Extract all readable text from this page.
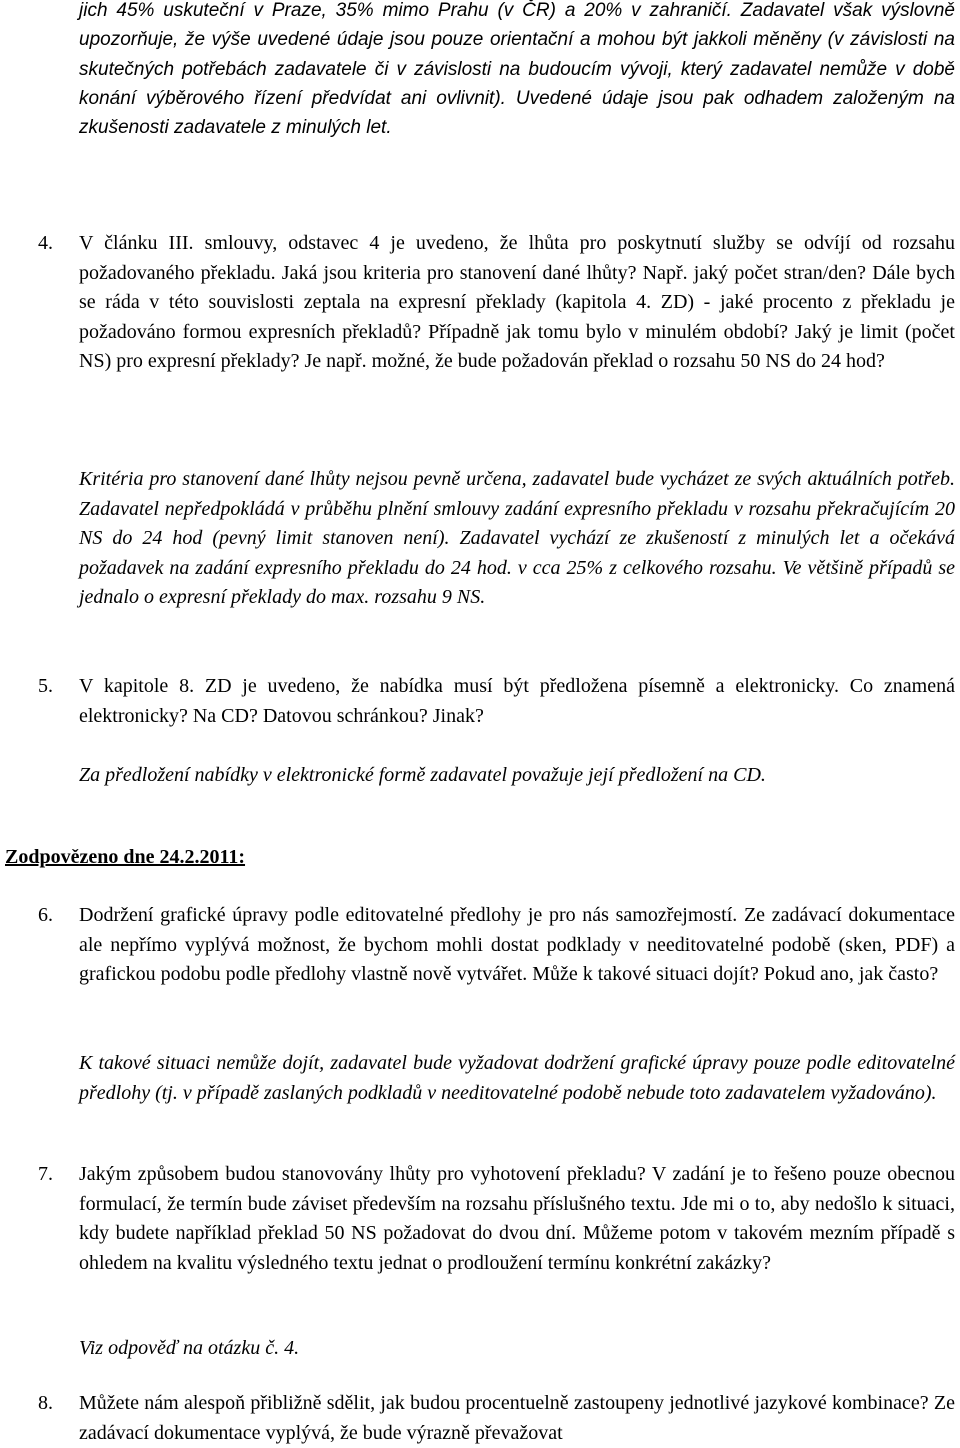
jich 45% uskuteční v Praze, 35% mimo Prahu (v ČR) a 20% v zahraničí. Zadavatel však výslovně upozorňuje, že výše uvedené údaje jsou pouze orientační a mohou být jakkoli měněny (v závislosti na skutečných potřebách zadavatele či v závislosti na budoucím vývoji, který zadavatel nemůže v době konání výběrového řízení předvídat ani ovlivnit). Uvedené údaje jsou pak odhadem založeným na zkušenosti zadavatele z minulých let.

4. V článku III. smlouvy, odstavec 4 je uvedeno, že lhůta pro poskytnutí služby se odvíjí od rozsahu požadovaného překladu. Jaká jsou kriteria pro stanovení dané lhůty? Např. jaký počet stran/den? Dále bych se ráda v této souvislosti zeptala na expresní překlady (kapitola 4. ZD) - jaké procento z překladu je požadováno formou expresních překladů? Případně jak tomu bylo v minulém období? Jaký je limit (počet NS) pro expresní překlady? Je např. možné, že bude požadován překlad o rozsahu 50 NS do 24 hod?

Kritéria pro stanovení dané lhůty nejsou pevně určena, zadavatel bude vycházet ze svých aktuálních potřeb. Zadavatel nepředpokládá v průběhu plnění smlouvy zadání expresního překladu v rozsahu překračujícím 20 NS do 24 hod (pevný limit stanoven není). Zadavatel vychází ze zkušeností z minulých let a očekává požadavek na zadání expresního překladu do 24 hod. v cca 25% z celkového rozsahu. Ve většině případů se jednalo o expresní překlady do max. rozsahu 9 NS.

5. V kapitole 8. ZD je uvedeno, že nabídka musí být předložena písemně a elektronicky. Co znamená elektronicky? Na CD? Datovou schránkou? Jinak?

Za předložení nabídky v elektronické formě zadavatel považuje její předložení na CD.

Zodpovězeno dne 24.2.2011:

6. Dodržení grafické úpravy podle editovatelné předlohy je pro nás samozřejmostí. Ze zadávací dokumentace ale nepřímo vyplývá možnost, že bychom mohli dostat podklady v needitovatelné podobě (sken, PDF) a grafickou podobu podle předlohy vlastně nově vytvářet. Může k takové situaci dojít? Pokud ano, jak často?

K takové situaci nemůže dojít, zadavatel bude vyžadovat dodržení grafické úpravy pouze podle editovatelné předlohy (tj. v případě zaslaných podkladů v needitovatelné podobě nebude toto zadavatelem vyžadováno).

7. Jakým způsobem budou stanovovány lhůty pro vyhotovení překladu? V zadání je to řešeno pouze obecnou formulací, že termín bude záviset především na rozsahu příslušného textu. Jde mi o to, aby nedošlo k situaci, kdy budete například překlad 50 NS požadovat do dvou dní. Můžeme potom v takovém mezním případě s ohledem na kvalitu výsledného textu jednat o prodloužení termínu konkrétní zakázky?

Viz odpověď na otázku č. 4.

8. Můžete nám alespoň přibližně sdělit, jak budou procentuelně zastoupeny jednotlivé jazykové kombinace? Ze zadávací dokumentace vyplývá, že bude výrazně převažovat
